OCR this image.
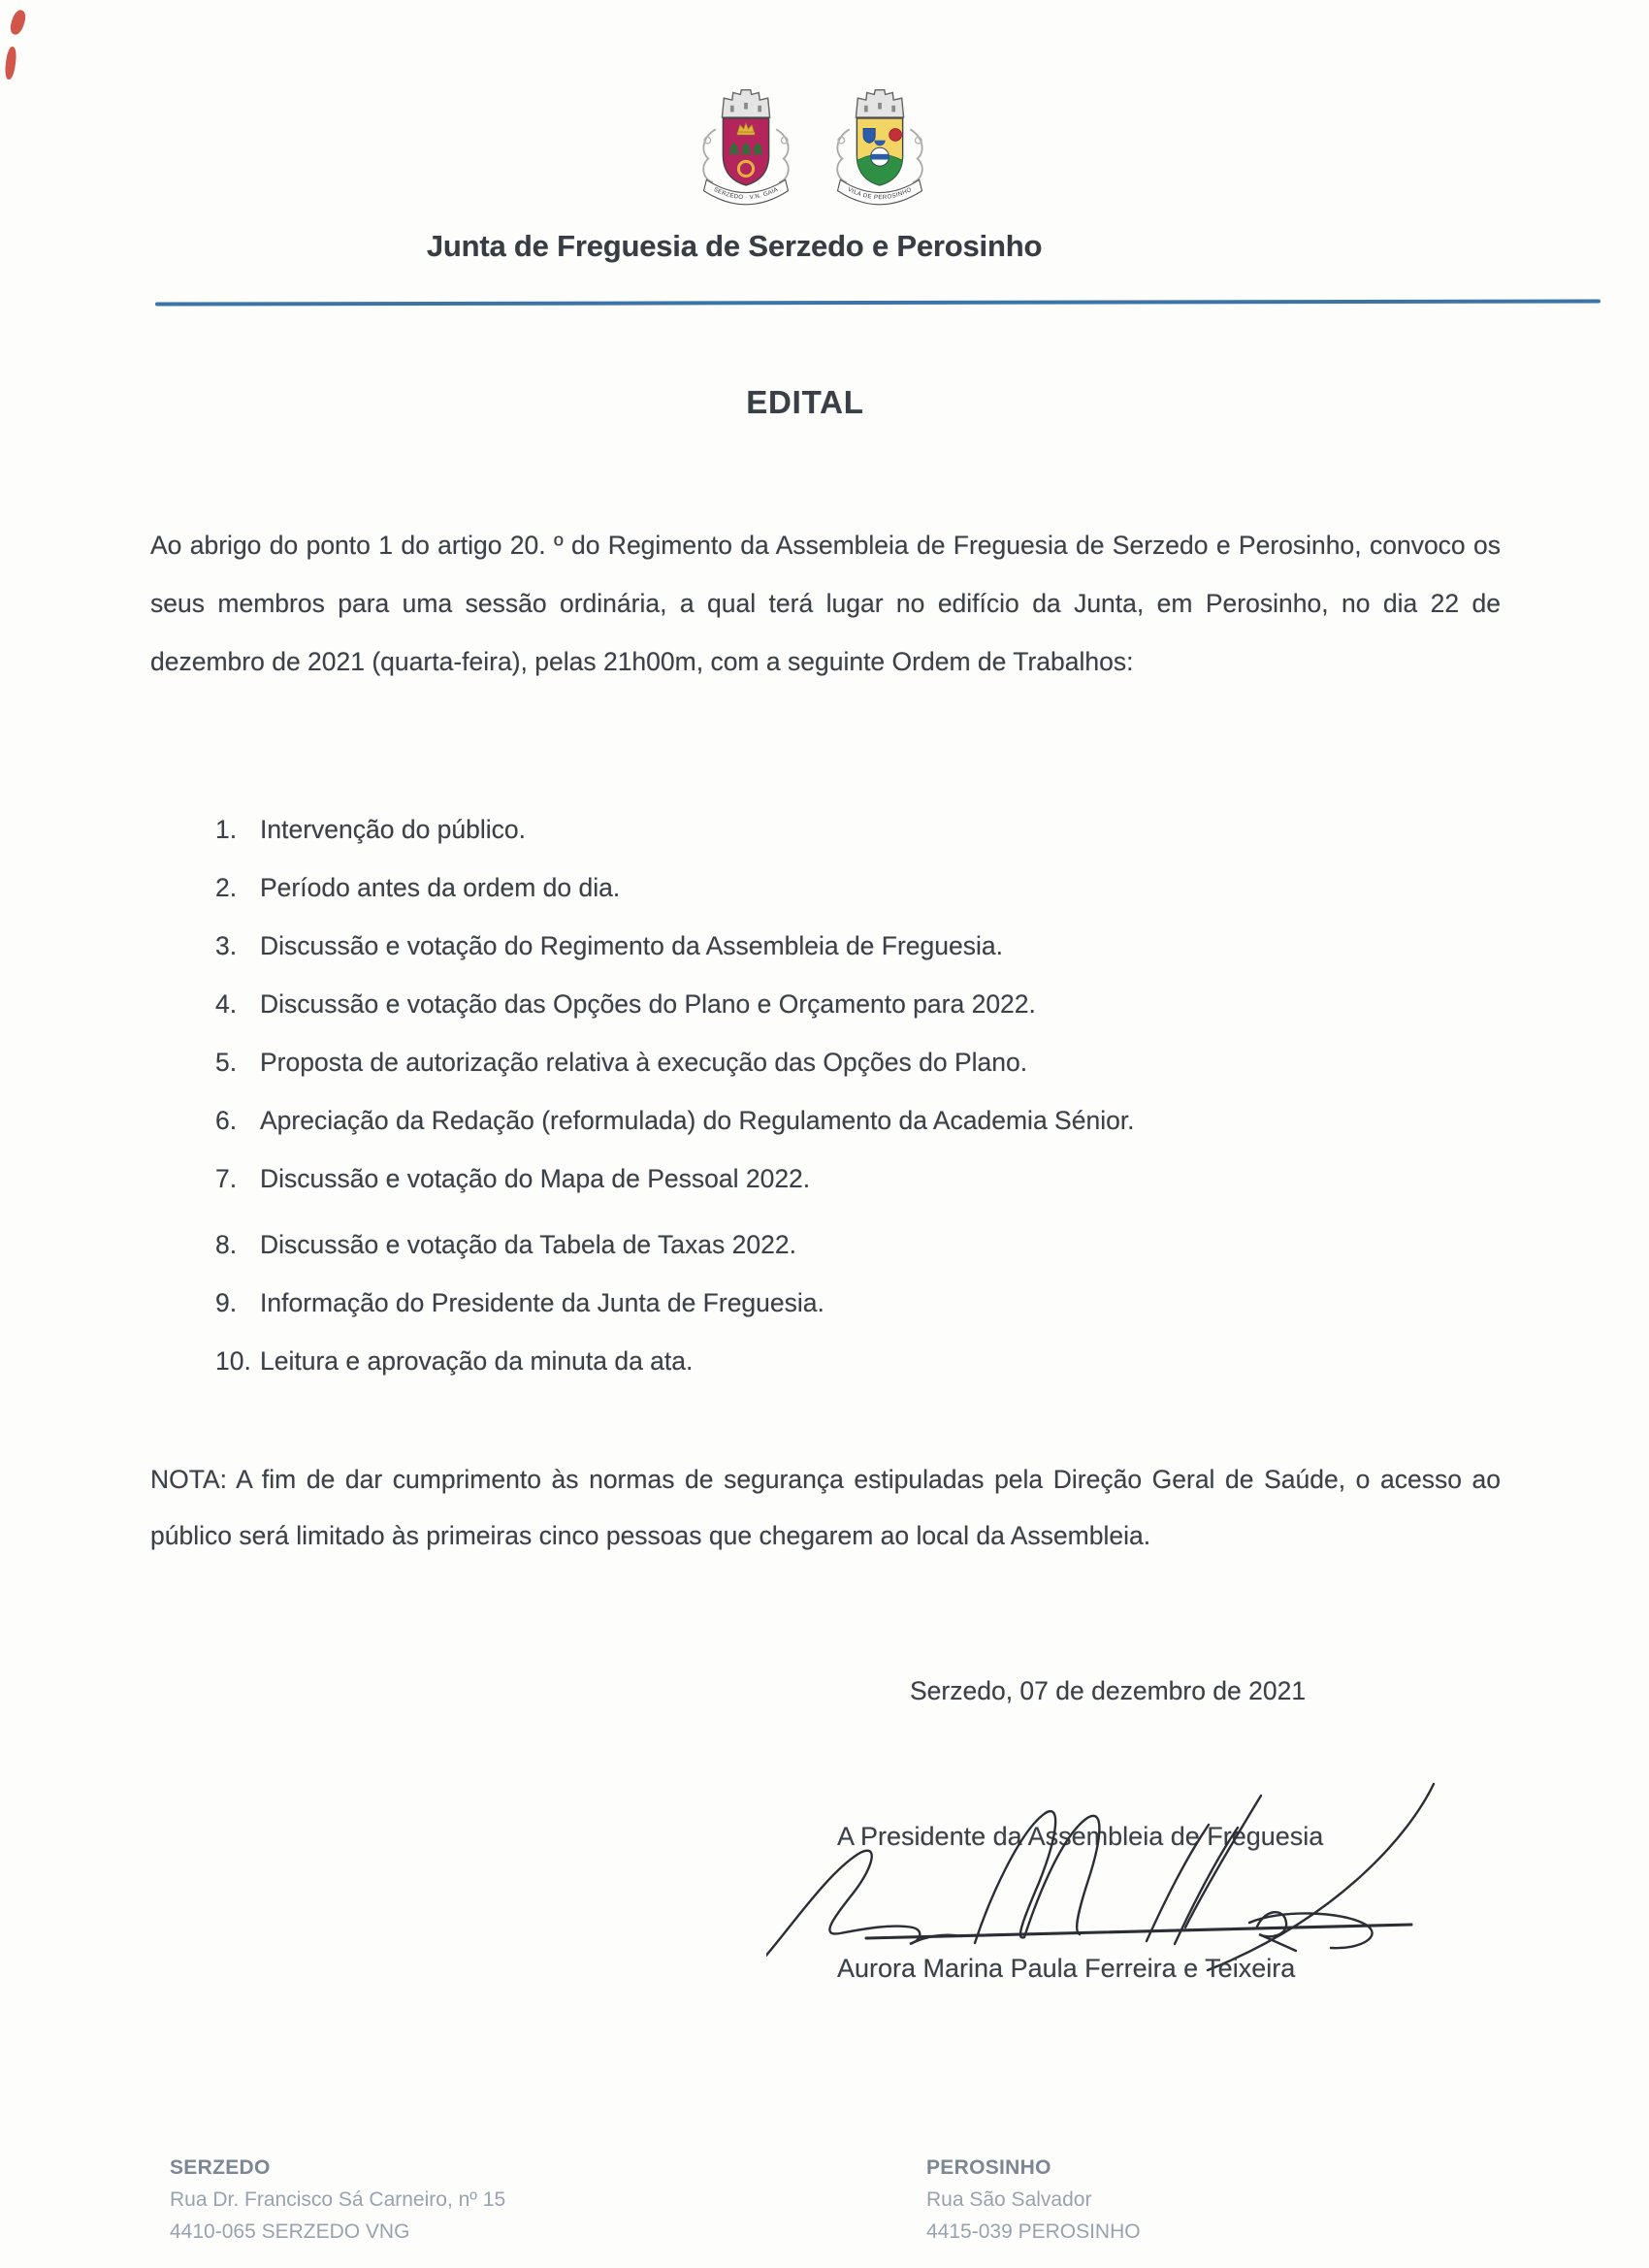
SERZEDO · V.N. GAIA	VILA DE PEROSINHO
Junta de Freguesia de Serzedo e Perosinho
EDITAL

Ao abrigo do ponto 1 do artigo 20. º do Regimento da Assembleia de Freguesia de Serzedo e Perosinho, convoco os seus membros para uma sessão ordinária, a qual terá lugar no edifício da Junta, em Perosinho, no dia 22 de dezembro de 2021 (quarta-feira), pelas 21h00m, com a seguinte Ordem de Trabalhos:

1. Intervenção do público.
2. Período antes da ordem do dia.
3. Discussão e votação do Regimento da Assembleia de Freguesia.
4. Discussão e votação das Opções do Plano e Orçamento para 2022.
5. Proposta de autorização relativa à execução das Opções do Plano.
6. Apreciação da Redação (reformulada) do Regulamento da Academia Sénior.
7. Discussão e votação do Mapa de Pessoal 2022.
8. Discussão e votação da Tabela de Taxas 2022.
9. Informação do Presidente da Junta de Freguesia.
10. Leitura e aprovação da minuta da ata.

NOTA: A fim de dar cumprimento às normas de segurança estipuladas pela Direção Geral de Saúde, o acesso ao público será limitado às primeiras cinco pessoas que chegarem ao local da Assembleia.

Serzedo, 07 de dezembro de 2021
A Presidente da Assembleia de Freguesia
Aurora Marina Paula Ferreira e Teixeira
SERZEDO
Rua Dr. Francisco Sá Carneiro, nº 15
4410-065 SERZEDO VNG
PEROSINHO
Rua São Salvador
4415-039 PEROSINHO
